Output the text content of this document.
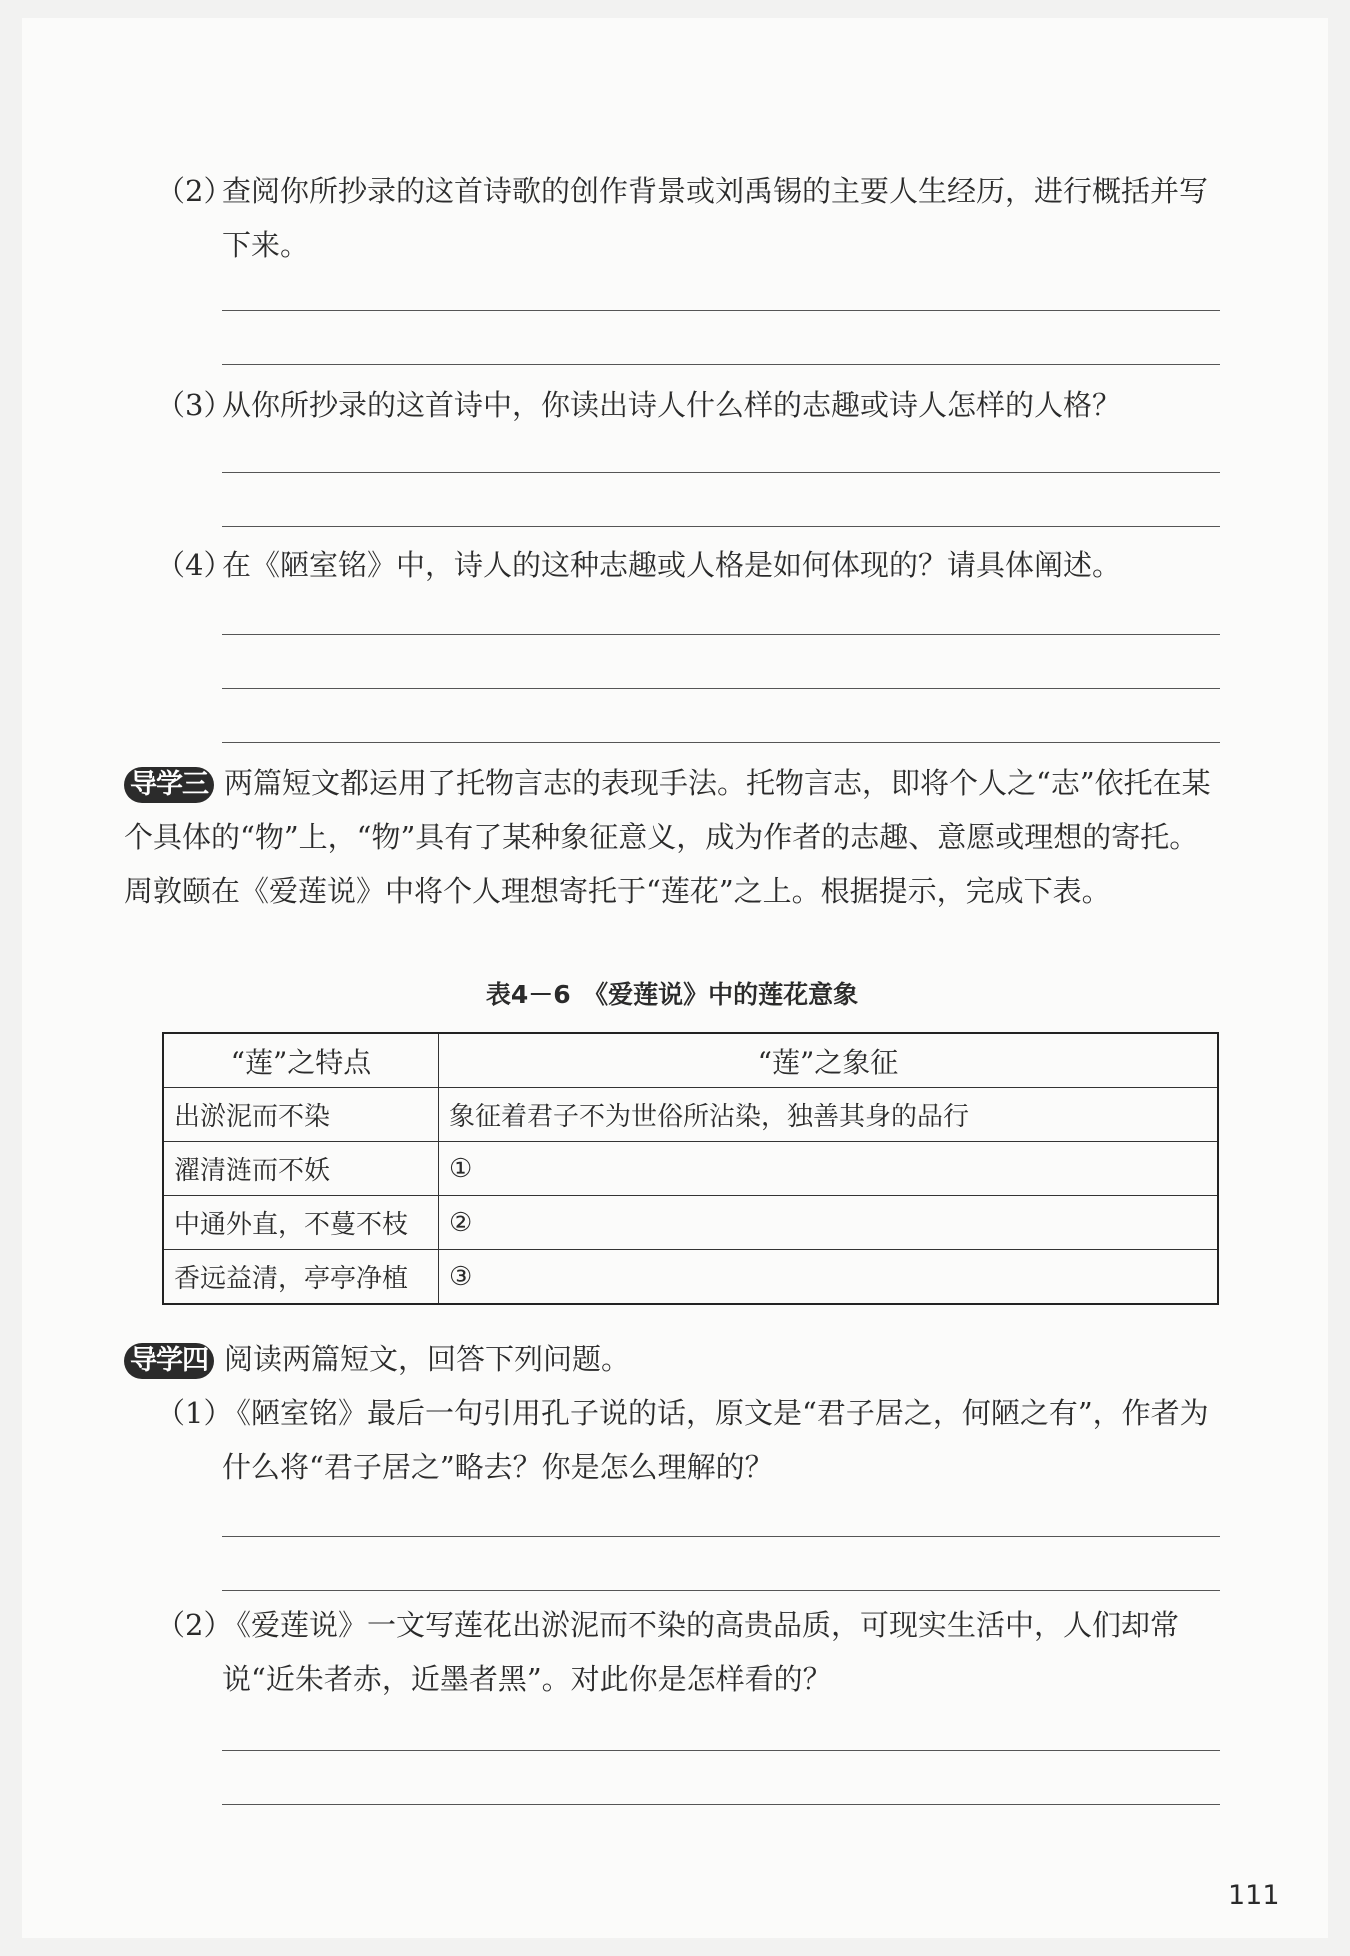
（2）
查阅你所抄录的这首诗歌的创作背景或刘禹锡的主要人生经历，进行概括并写下来。
（3）
从你所抄录的这首诗中，你读出诗人什么样的志趣或诗人怎样的人格？
（4）
在《陋室铭》中，诗人的这种志趣或人格是如何体现的？请具体阐述。
导学三 两篇短文都运用了托物言志的表现手法。托物言志，即将个人之“志”依托在某个具体的“物”上，“物”具有了某种象征意义，成为作者的志趣、意愿或理想的寄托。周敦颐在《爱莲说》中将个人理想寄托于“莲花”之上。根据提示，完成下表。
表4－6　《爱莲说》中的莲花意象
“莲”之特点	“莲”之象征
出淤泥而不染	象征着君子不为世俗所沾染，独善其身的品行
濯清涟而不妖	①
中通外直，不蔓不枝	②
香远益清，亭亭净植	③
导学四 阅读两篇短文，回答下列问题。
（1）
《陋室铭》最后一句引用孔子说的话，原文是“君子居之，何陋之有”，作者为什么将“君子居之”略去？你是怎么理解的？
（2）
《爱莲说》一文写莲花出淤泥而不染的高贵品质，可现实生活中，人们却常说“近朱者赤，近墨者黑”。对此你是怎样看的？
111
